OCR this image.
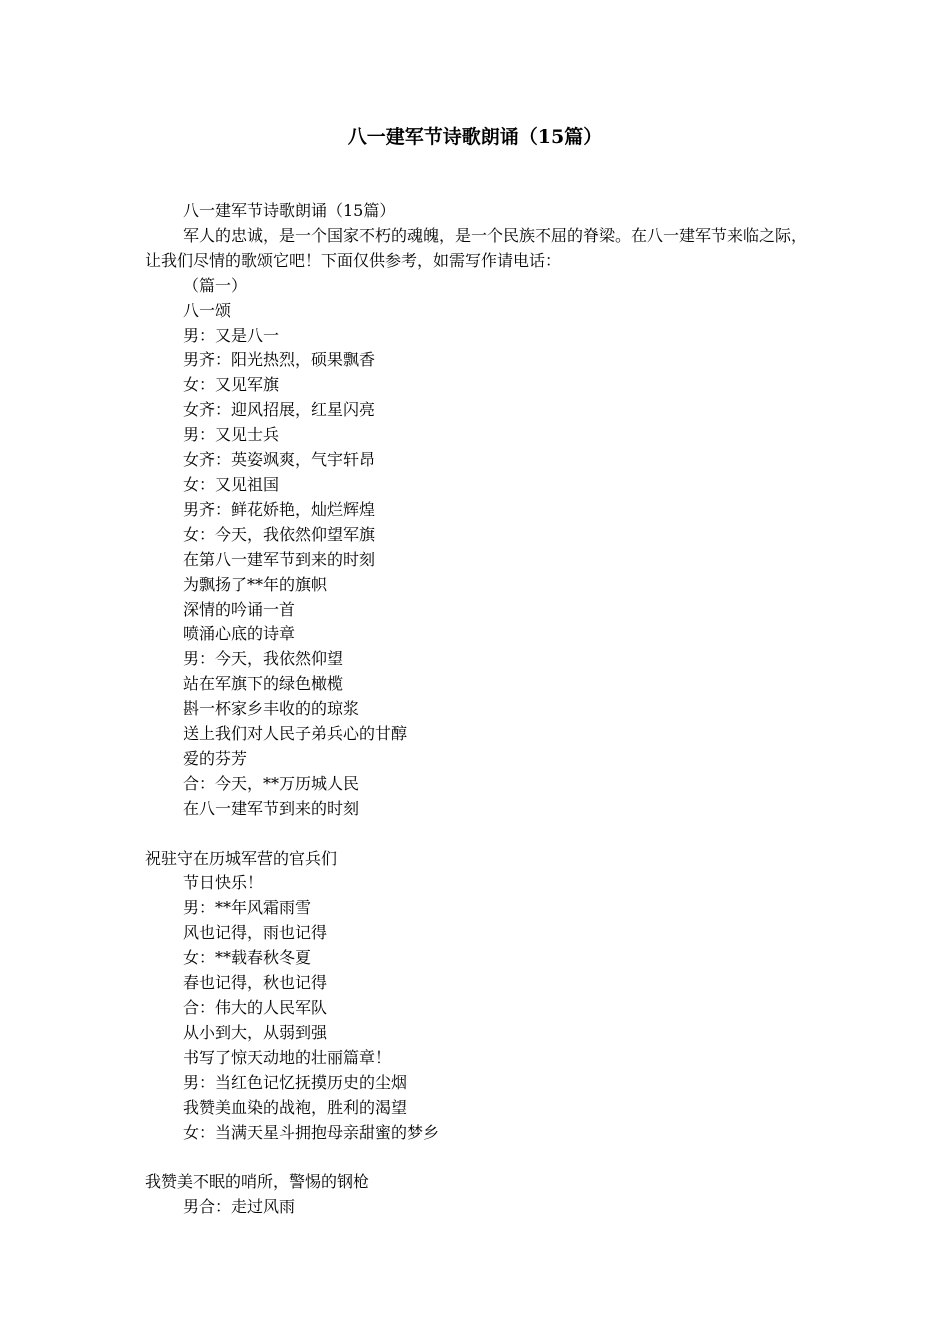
八一建军节诗歌朗诵（15篇）
八一建军节诗歌朗诵（15篇）
军人的忠诚，是一个国家不朽的魂魄，是一个民族不屈的脊梁。在八一建军节来临之际，让我们尽情的歌颂它吧！下面仅供参考，如需写作请电话：
（篇一）
八一颂
男：又是八一
男齐：阳光热烈，硕果飘香
女：又见军旗
女齐：迎风招展，红星闪亮
男：又见士兵
女齐：英姿飒爽，气宇轩昂
女：又见祖国
男齐：鲜花娇艳，灿烂辉煌
女：今天，我依然仰望军旗
在第八一建军节到来的时刻
为飘扬了**年的旗帜
深情的吟诵一首
喷涌心底的诗章
男：今天，我依然仰望
站在军旗下的绿色橄榄
斟一杯家乡丰收的的琼浆
送上我们对人民子弟兵心的甘醇
爱的芬芳
合：今天，**万历城人民
在八一建军节到来的时刻
祝驻守在历城军营的官兵们
节日快乐！
男：**年风霜雨雪
风也记得，雨也记得
女：**载春秋冬夏
春也记得，秋也记得
合：伟大的人民军队
从小到大，从弱到强
书写了惊天动地的壮丽篇章！
男：当红色记忆抚摸历史的尘烟
我赞美血染的战袍，胜利的渴望
女：当满天星斗拥抱母亲甜蜜的梦乡
我赞美不眠的哨所，警惕的钢枪
男合：走过风雨
